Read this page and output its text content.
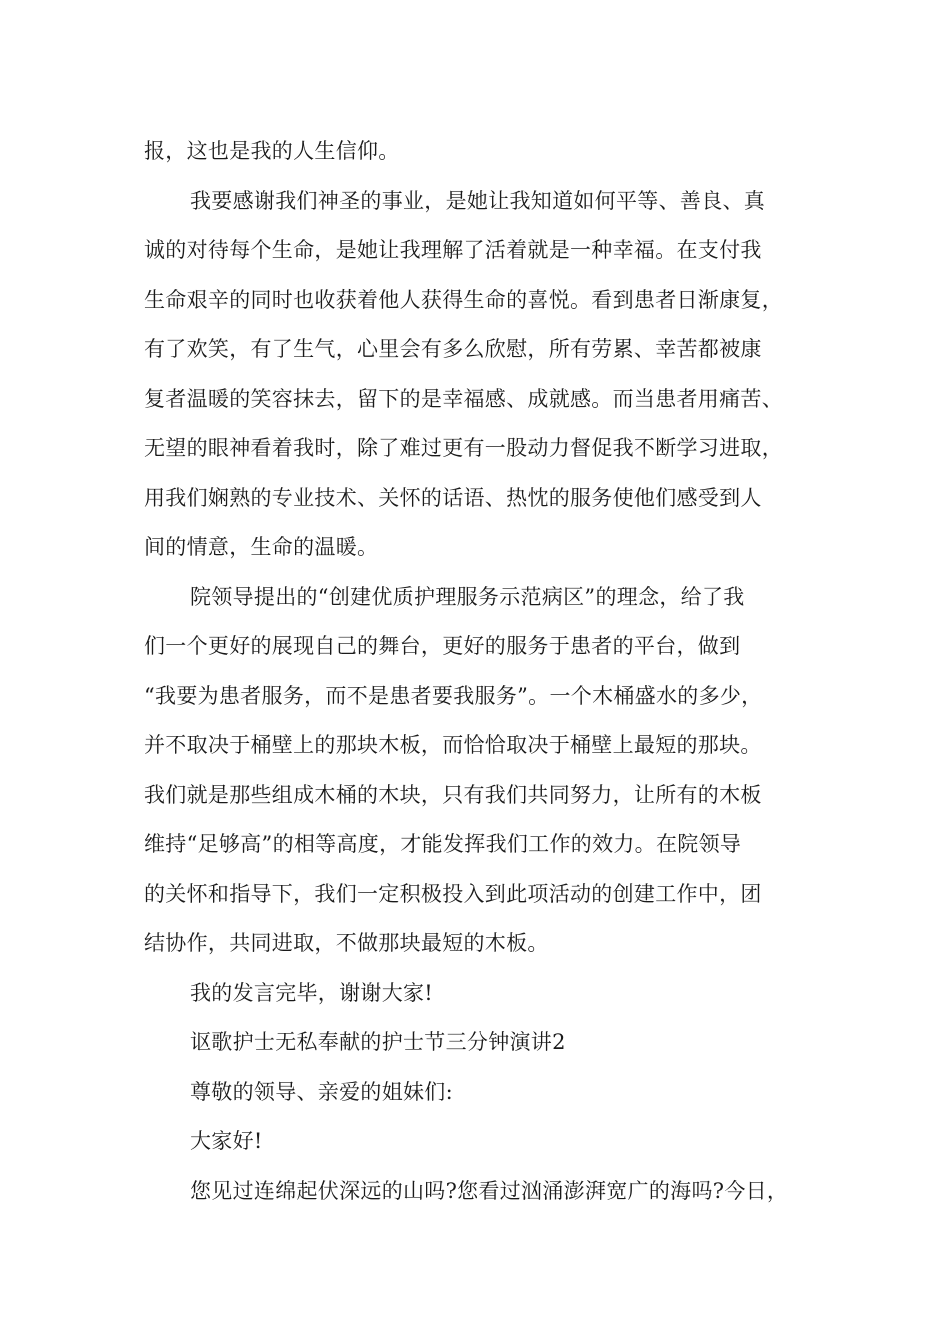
报，这也是我的人生信仰。
我要感谢我们神圣的事业，是她让我知道如何平等、善良、真
诚的对待每个生命，是她让我理解了活着就是一种幸福。在支付我
生命艰辛的同时也收获着他人获得生命的喜悦。看到患者日渐康复，
有了欢笑，有了生气，心里会有多么欣慰，所有劳累、幸苦都被康
复者温暖的笑容抹去，留下的是幸福感、成就感。而当患者用痛苦、
无望的眼神看着我时，除了难过更有一股动力督促我不断学习进取，
用我们娴熟的专业技术、关怀的话语、热忱的服务使他们感受到人
间的情意，生命的温暖。
院领导提出的“创建优质护理服务示范病区”的理念，给了我
们一个更好的展现自己的舞台，更好的服务于患者的平台，做到
“我要为患者服务，而不是患者要我服务”。一个木桶盛水的多少，
并不取决于桶壁上的那块木板，而恰恰取决于桶壁上最短的那块。
我们就是那些组成木桶的木块，只有我们共同努力，让所有的木板
维持“足够高”的相等高度，才能发挥我们工作的效力。在院领导
的关怀和指导下，我们一定积极投入到此项活动的创建工作中，团
结协作，共同进取，不做那块最短的木板。
我的发言完毕，谢谢大家!
讴歌护士无私奉献的护士节三分钟演讲2
尊敬的领导、亲爱的姐妹们:
大家好!
您见过连绵起伏深远的山吗?您看过汹涌澎湃宽广的海吗?今日，
